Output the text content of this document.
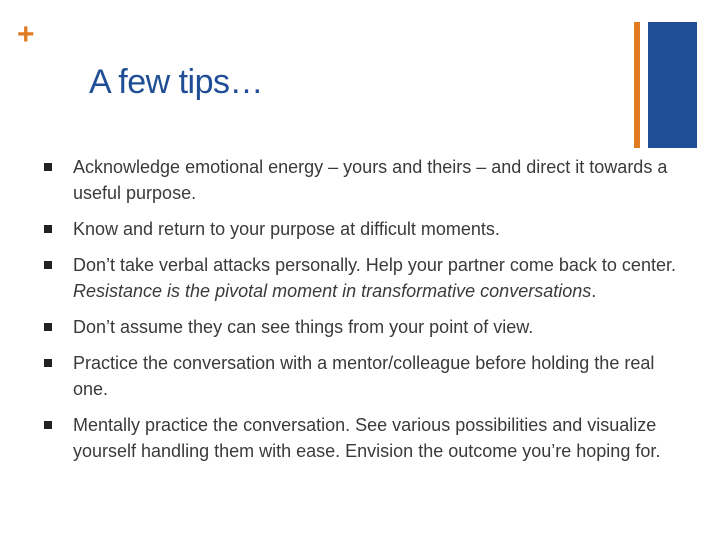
+
A few tips…
Acknowledge emotional energy – yours and theirs – and direct it towards a useful purpose.
Know and return to your purpose at difficult moments.
Don’t take verbal attacks personally. Help your partner come back to center. Resistance is the pivotal moment in transformative conversations.
Don’t assume they can see things from your point of view.
Practice the conversation with a mentor/colleague before holding the real one.
Mentally practice the conversation. See various possibilities and visualize yourself handling them with ease. Envision the outcome you’re hoping for.
